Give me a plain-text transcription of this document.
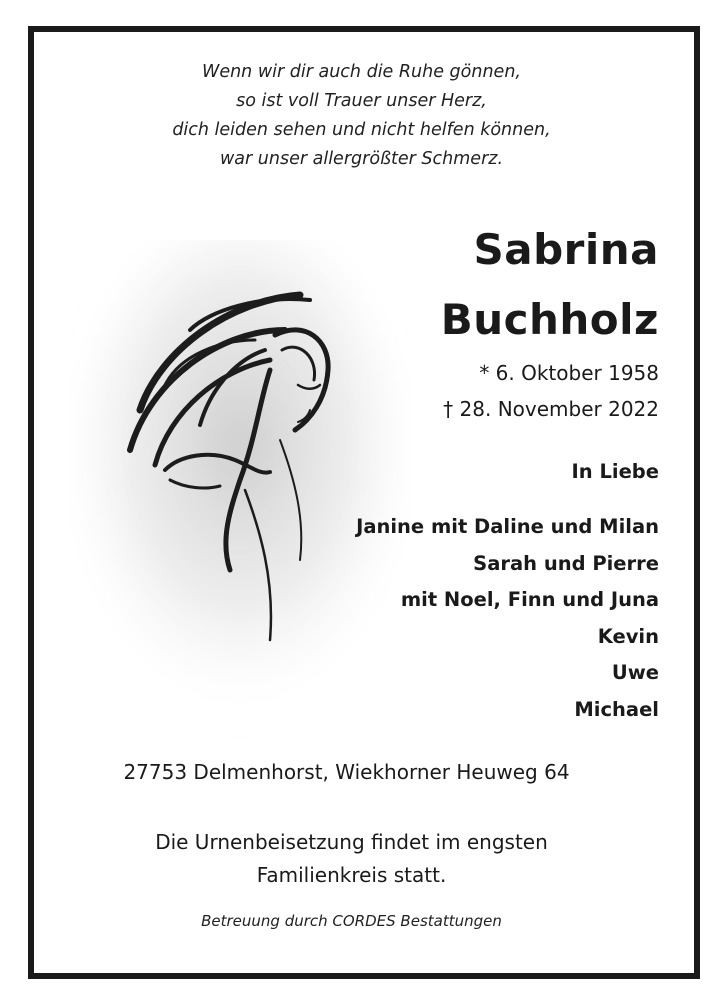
Wenn wir dir auch die Ruhe gönnen,
so ist voll Trauer unser Herz,
dich leiden sehen und nicht helfen können,
war unser allergrößter Schmerz.
Sabrina
Buchholz
* 6. Oktober 1958
† 28. November 2022
In Liebe
Janine mit Daline und Milan
Sarah und Pierre
mit Noel, Finn und Juna
Kevin
Uwe
Michael
27753 Delmenhorst, Wiekhorner Heuweg 64
Die Urnenbeisetzung findet im engsten
Familienkreis statt.
Betreuung durch CORDES Bestattungen
